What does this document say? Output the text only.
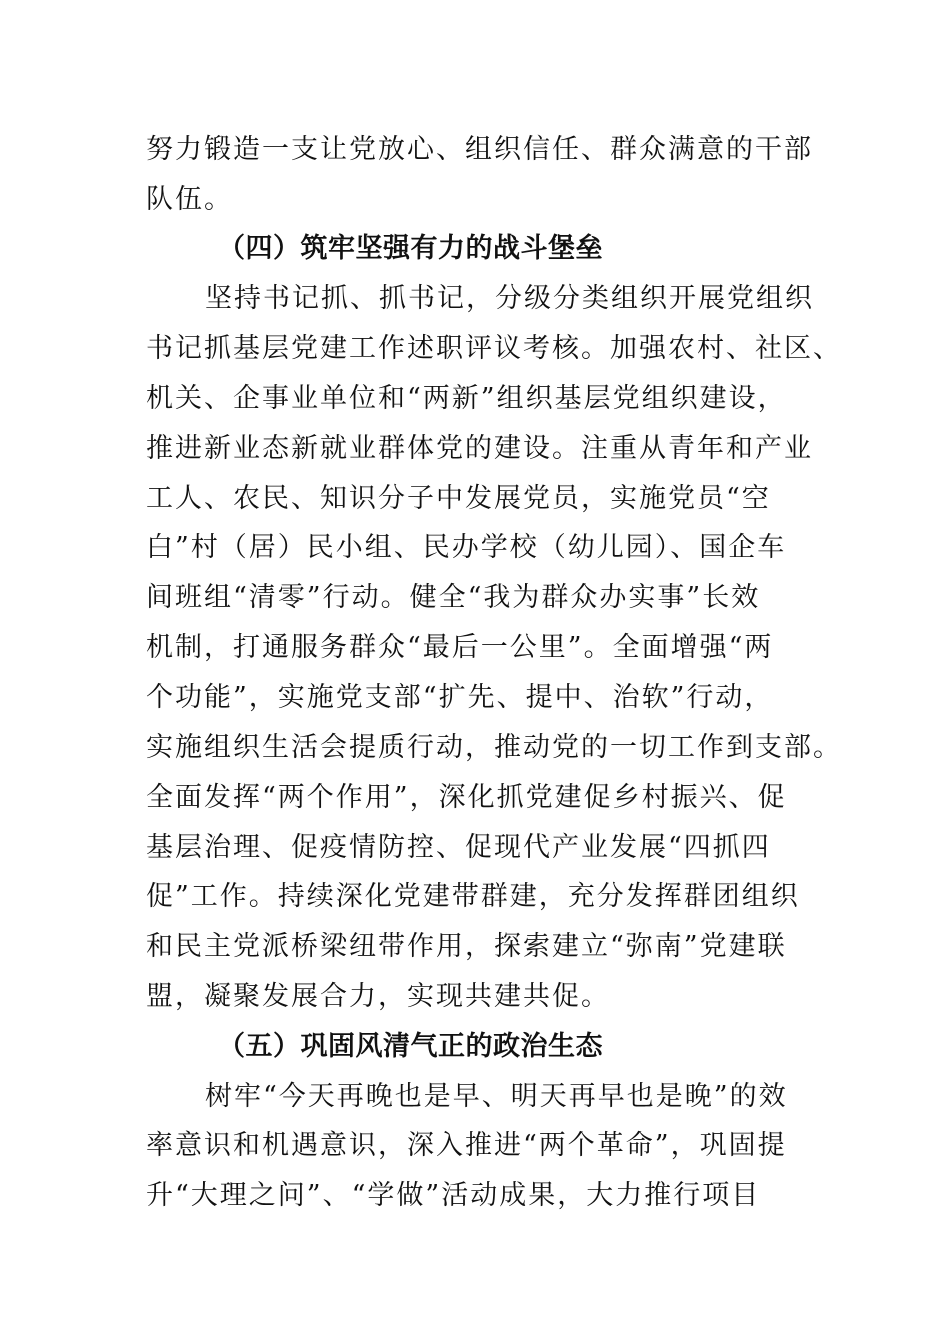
努力锻造一支让党放心、组织信任、群众满意的干部
队伍。
（四）筑牢坚强有力的战斗堡垒
坚持书记抓、抓书记，分级分类组织开展党组织
书记抓基层党建工作述职评议考核。加强农村、社区、
机关、企事业单位和“两新”组织基层党组织建设，
推进新业态新就业群体党的建设。注重从青年和产业
工人、农民、知识分子中发展党员，实施党员“空
白”村（居）民小组、民办学校（幼儿园）、国企车
间班组“清零”行动。健全“我为群众办实事”长效
机制，打通服务群众“最后一公里”。全面增强“两
个功能”，实施党支部“扩先、提中、治软”行动，
实施组织生活会提质行动，推动党的一切工作到支部。
全面发挥“两个作用”，深化抓党建促乡村振兴、促
基层治理、促疫情防控、促现代产业发展“四抓四
促”工作。持续深化党建带群建，充分发挥群团组织
和民主党派桥梁纽带作用，探索建立“弥南”党建联
盟，凝聚发展合力，实现共建共促。
（五）巩固风清气正的政治生态
树牢“今天再晚也是早、明天再早也是晚”的效
率意识和机遇意识，深入推进“两个革命”，巩固提
升“大理之问”、“学做”活动成果，大力推行项目
